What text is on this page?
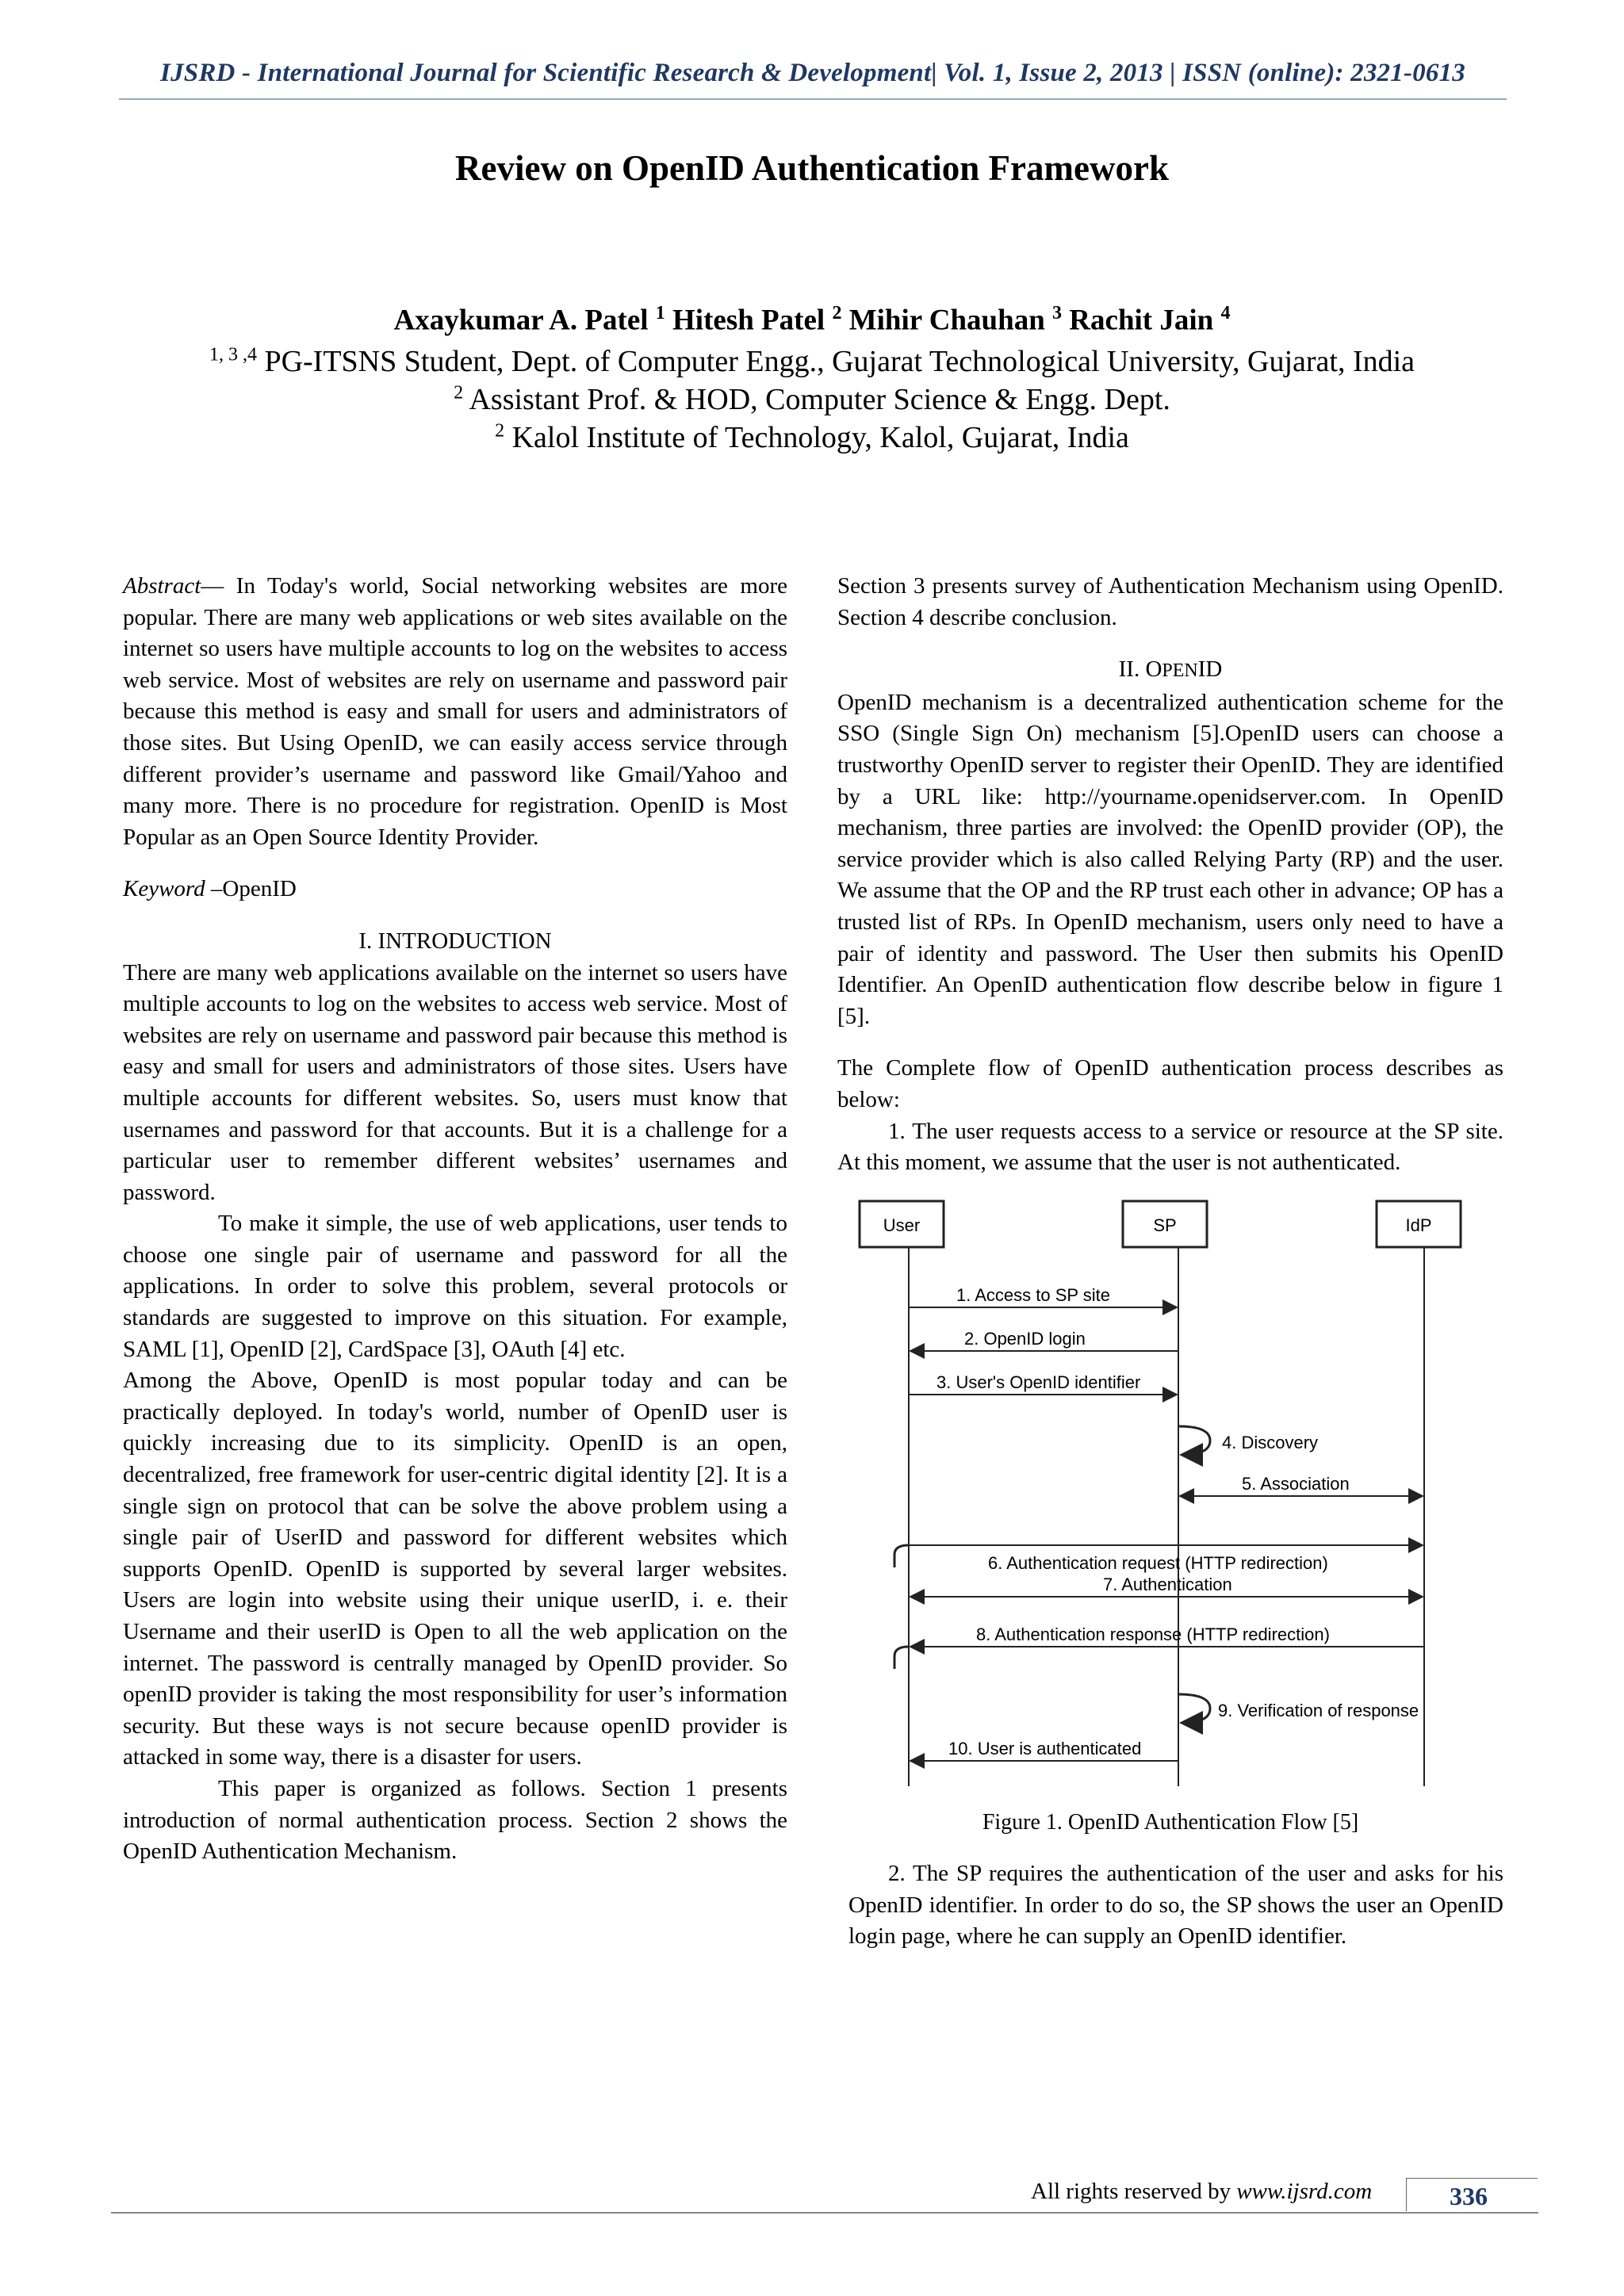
IJSRD - International Journal for Scientific Research & Development| Vol. 1, Issue 2, 2013 | ISSN (online): 2321-0613
Review on OpenID Authentication Framework
Axaykumar A. Patel $^1$ Hitesh Patel $^2$ Mihir Chauhan $^3$ Rachit Jain $^4$
$^{1, 3 ,4}$ PG-ITSNS Student, Dept. of Computer Engg., Gujarat Technological University, Gujarat, India
$^2$ Assistant Prof. & HOD, Computer Science & Engg. Dept.
$^2$ Kalol Institute of Technology, Kalol, Gujarat, India

Abstract— In Today's world, Social networking websites are more popular. There are many web applications or web sites available on the internet so users have multiple accounts to log on the websites to access web service. Most of websites are rely on username and password pair because this method is easy and small for users and administrators of those sites. But Using OpenID, we can easily access service through different provider’s username and password like Gmail/Yahoo and many more. There is no procedure for registration. OpenID is Most Popular as an Open Source Identity Provider.

Keyword –OpenID

I. INTRODUCTION

There are many web applications available on the internet so users have multiple accounts to log on the websites to access web service. Most of websites are rely on username and password pair because this method is easy and small for users and administrators of those sites. Users have multiple accounts for different websites. So, users must know that usernames and password for that accounts. But it is a challenge for a particular user to remember different websites’ usernames and password.

To make it simple, the use of web applications, user tends to choose one single pair of username and password for all the applications. In order to solve this problem, several protocols or standards are suggested to improve on this situation. For example, SAML [1], OpenID [2], CardSpace [3], OAuth [4] etc.

Among the Above, OpenID is most popular today and can be practically deployed. In today's world, number of OpenID user is quickly increasing due to its simplicity. OpenID is an open, decentralized, free framework for user-centric digital identity [2]. It is a single sign on protocol that can be solve the above problem using a single pair of UserID and password for different websites which supports OpenID. OpenID is supported by several larger websites. Users are login into website using their unique userID, i. e. their Username and their userID is Open to all the web application on the internet. The password is centrally managed by OpenID provider. So openID provider is taking the most responsibility for user’s information security. But these ways is not secure because openID provider is attacked in some way, there is a disaster for users.

This paper is organized as follows. Section 1 presents introduction of normal authentication process. Section 2 shows the OpenID Authentication Mechanism.

Section 3 presents survey of Authentication Mechanism using OpenID. Section 4 describe conclusion.

II. OPENID

OpenID mechanism is a decentralized authentication scheme for the SSO (Single Sign On) mechanism [5].OpenID users can choose a trustworthy OpenID server to register their OpenID. They are identified by a URL like: http://yourname.openidserver.com. In OpenID mechanism, three parties are involved: the OpenID provider (OP), the service provider which is also called Relying Party (RP) and the user. We assume that the OP and the RP trust each other in advance; OP has a trusted list of RPs. In OpenID mechanism, users only need to have a pair of identity and password. The User then submits his OpenID Identifier. An OpenID authentication flow describe below in figure 1 [5].

The Complete flow of OpenID authentication process describes as below:

1. The user requests access to a service or resource at the SP site. At this moment, we assume that the user is not authenticated.

User	SP	IdP
1. Access to SP site
2. OpenID login
3. User's OpenID identifier
4. Discovery
5. Association
6. Authentication request (HTTP redirection)
7. Authentication
8. Authentication response (HTTP redirection)
9. Verification of response
10. User is authenticated

Figure 1. OpenID Authentication Flow [5]

2. The SP requires the authentication of the user and asks for his OpenID identifier. In order to do so, the SP shows the user an OpenID login page, where he can supply an OpenID identifier.

All rights reserved by www.ijsrd.com	336
